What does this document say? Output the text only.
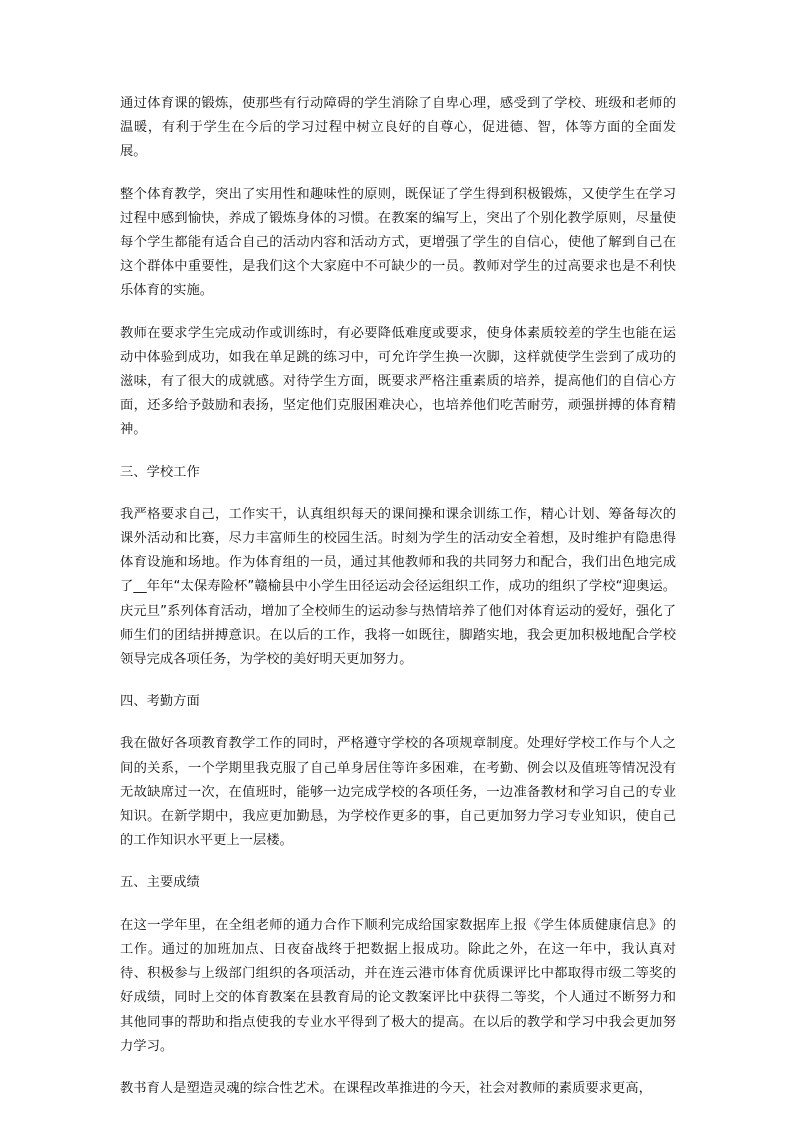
通过体育课的锻炼，使那些有行动障碍的学生消除了自卑心理，感受到了学校、班级和老师的温暖，有利于学生在今后的学习过程中树立良好的自尊心，促进德、智，体等方面的全面发展。

整个体育教学，突出了实用性和趣味性的原则，既保证了学生得到积极锻炼，又使学生在学习过程中感到愉快，养成了锻炼身体的习惯。在教案的编写上，突出了个别化教学原则，尽量使每个学生都能有适合自己的活动内容和活动方式，更增强了学生的自信心，使他了解到自己在这个群体中重要性，是我们这个大家庭中不可缺少的一员。教师对学生的过高要求也是不利快乐体育的实施。

教师在要求学生完成动作或训练时，有必要降低难度或要求，使身体素质较差的学生也能在运动中体验到成功，如我在单足跳的练习中，可允许学生换一次脚，这样就使学生尝到了成功的滋味，有了很大的成就感。对待学生方面，既要求严格注重素质的培养，提高他们的自信心方面，还多给予鼓励和表扬，坚定他们克服困难决心，也培养他们吃苦耐劳，顽强拼搏的体育精神。

三、学校工作

我严格要求自己，工作实干，认真组织每天的课间操和课余训练工作，精心计划、筹备每次的课外活动和比赛，尽力丰富师生的校园生活。时刻为学生的活动安全着想，及时维护有隐患得体育设施和场地。作为体育组的一员，通过其他教师和我的共同努力和配合，我们出色地完成了__年年“太保寿险杯”赣榆县中小学生田径运动会径运组织工作，成功的组织了学校“迎奥运。庆元旦”系列体育活动，增加了全校师生的运动参与热情培养了他们对体育运动的爱好，强化了师生们的团结拼搏意识。在以后的工作，我将一如既往，脚踏实地，我会更加积极地配合学校领导完成各项任务，为学校的美好明天更加努力。

四、考勤方面

我在做好各项教育教学工作的同时，严格遵守学校的各项规章制度。处理好学校工作与个人之间的关系，一个学期里我克服了自己单身居住等许多困难，在考勤、例会以及值班等情况没有无故缺席过一次，在值班时，能够一边完成学校的各项任务，一边准备教材和学习自己的专业知识。在新学期中，我应更加勤恳，为学校作更多的事，自己更加努力学习专业知识，使自己的工作知识水平更上一层楼。

五、主要成绩

在这一学年里，在全组老师的通力合作下顺利完成给国家数据库上报《学生体质健康信息》的工作。通过的加班加点、日夜奋战终于把数据上报成功。除此之外，在这一年中，我认真对待、积极参与上级部门组织的各项活动，并在连云港市体育优质课评比中都取得市级二等奖的好成绩，同时上交的体育教案在县教育局的论文教案评比中获得二等奖，个人通过不断努力和其他同事的帮助和指点使我的专业水平得到了极大的提高。在以后的教学和学习中我会更加努力学习。

教书育人是塑造灵魂的综合性艺术。在课程改革推进的今天，社会对教师的素质要求更高，
